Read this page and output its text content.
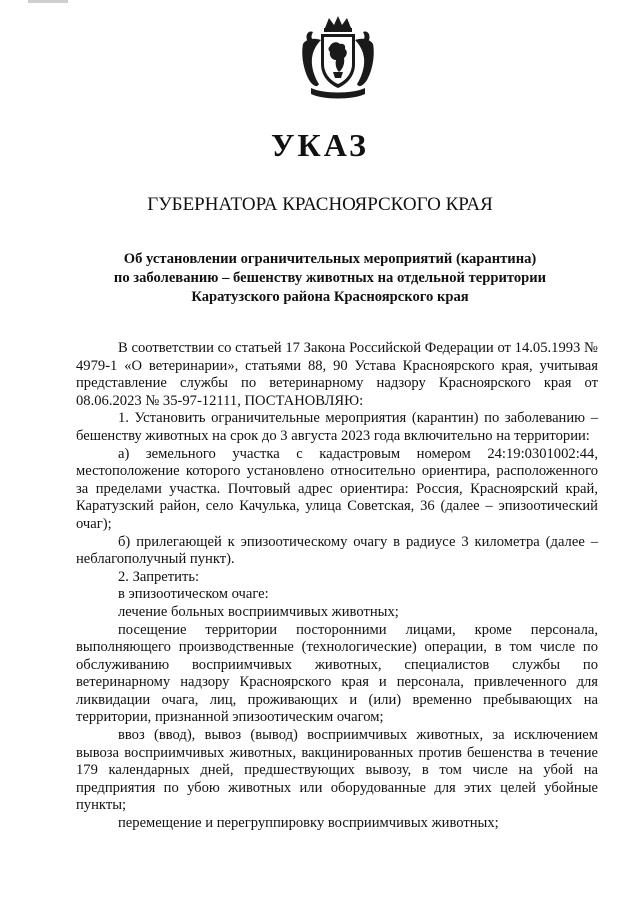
УКАЗ
ГУБЕРНАТОРА КРАСНОЯРСКОГО КРАЯ
Об установлении ограничительных мероприятий (карантина)
по заболеванию – бешенству животных на отдельной территории
Каратузского района Красноярского края

В соответствии со статьей 17 Закона Российской Федерации от 14.05.1993 № 4979-1 «О ветеринарии», статьями 88, 90 Устава Красноярского края, учитывая представление службы по ветеринарному надзору Красноярского края от 08.06.2023 № 35-97-12111, ПОСТАНОВЛЯЮ:

1. Установить ограничительные мероприятия (карантин) по заболеванию – бешенству животных на срок до 3 августа 2023 года включительно на территории:

а) земельного участка с кадастровым номером 24:19:0301002:44, местоположение которого установлено относительно ориентира, расположенного за пределами участка. Почтовый адрес ориентира: Россия, Красноярский край, Каратузский район, село Качулька, улица Советская, 36 (далее – эпизоотический очаг);

б) прилегающей к эпизоотическому очагу в радиусе 3 километра (далее – неблагополучный пункт).

2. Запретить:

в эпизоотическом очаге:

лечение больных восприимчивых животных;

посещение территории посторонними лицами, кроме персонала, выполняющего производственные (технологические) операции, в том числе по обслуживанию восприимчивых животных, специалистов службы по ветеринарному надзору Красноярского края и персонала, привлеченного для ликвидации очага, лиц, проживающих и (или) временно пребывающих на территории, признанной эпизоотическим очагом;

ввоз (ввод), вывоз (вывод) восприимчивых животных, за исключением вывоза восприимчивых животных, вакцинированных против бешенства в течение 179 календарных дней, предшествующих вывозу, в том числе на убой на предприятия по убою животных или оборудованные для этих целей убойные пункты;

перемещение и перегруппировку восприимчивых животных;
